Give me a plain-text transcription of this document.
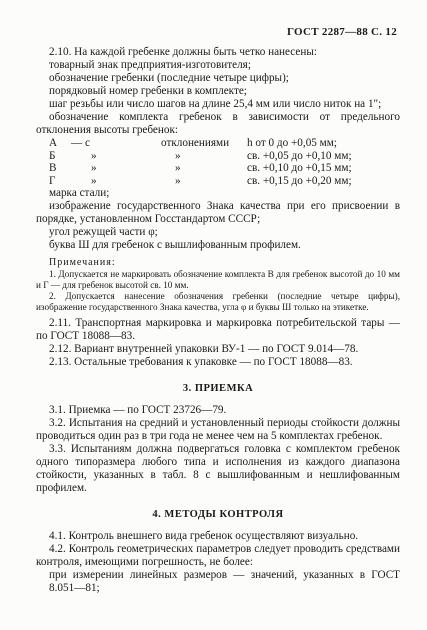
ГОСТ 2287—88 С. 12

2.10. На каждой гребенке должны быть четко нанесены:

товарный знак предприятия-изготовителя;

обозначение гребенки (последние четыре цифры);

порядковый номер гребенки в комплекте;

шаг резьбы или число шагов на длине 25,4 мм или число ниток на 1";

обозначение комплекта гребенок в зависимости от предельного отклонения высоты гребенок:

А	— с	отклонениями	h от 0 до +0,05 мм;
Б	»	»	св. +0,05 до +0,10 мм;
В	»	»	св. +0,10 до +0,15 мм;
Г	»	»	св. +0,15 до +0,20 мм;

марка стали;

изображение государственного Знака качества при его присвоении в порядке, установленном Госстандартом СССР;

угол режущей части φ;

буква Ш для гребенок с вышлифованным профилем.

Примечания:

1. Допускается не маркировать обозначение комплекта В для гребенок высотой до 10 мм и Г — для гребенок высотой св. 10 мм.

2. Допускается нанесение обозначения гребенки (последние четыре цифры), изображение государственного Знака качества, угла φ и буквы Ш только на этикетке.

2.11. Транспортная маркировка и маркировка потребительской тары — по ГОСТ 18088—83.

2.12. Вариант внутренней упаковки ВУ-1 — по ГОСТ 9.014—78.

2.13. Остальные требования к упаковке — по ГОСТ 18088—83.

3. ПРИЕМКА

3.1. Приемка — по ГОСТ 23726—79.

3.2. Испытания на средний и установленный периоды стойкости должны проводиться один раз в три года не менее чем на 5 комплектах гребенок.

3.3. Испытаниям должна подвергаться головка с комплектом гребенок одного типоразмера любого типа и исполнения из каждого диапазона стойкости, указанных в табл. 8 с вышлифованным и нешлифованным профилем.

4. МЕТОДЫ КОНТРОЛЯ

4.1. Контроль внешнего вида гребенок осуществляют визуально.

4.2. Контроль геометрических параметров следует проводить средствами контроля, имеющими погрешность, не более:

при измерении линейных размеров — значений, указанных в ГОСТ 8.051—81;
